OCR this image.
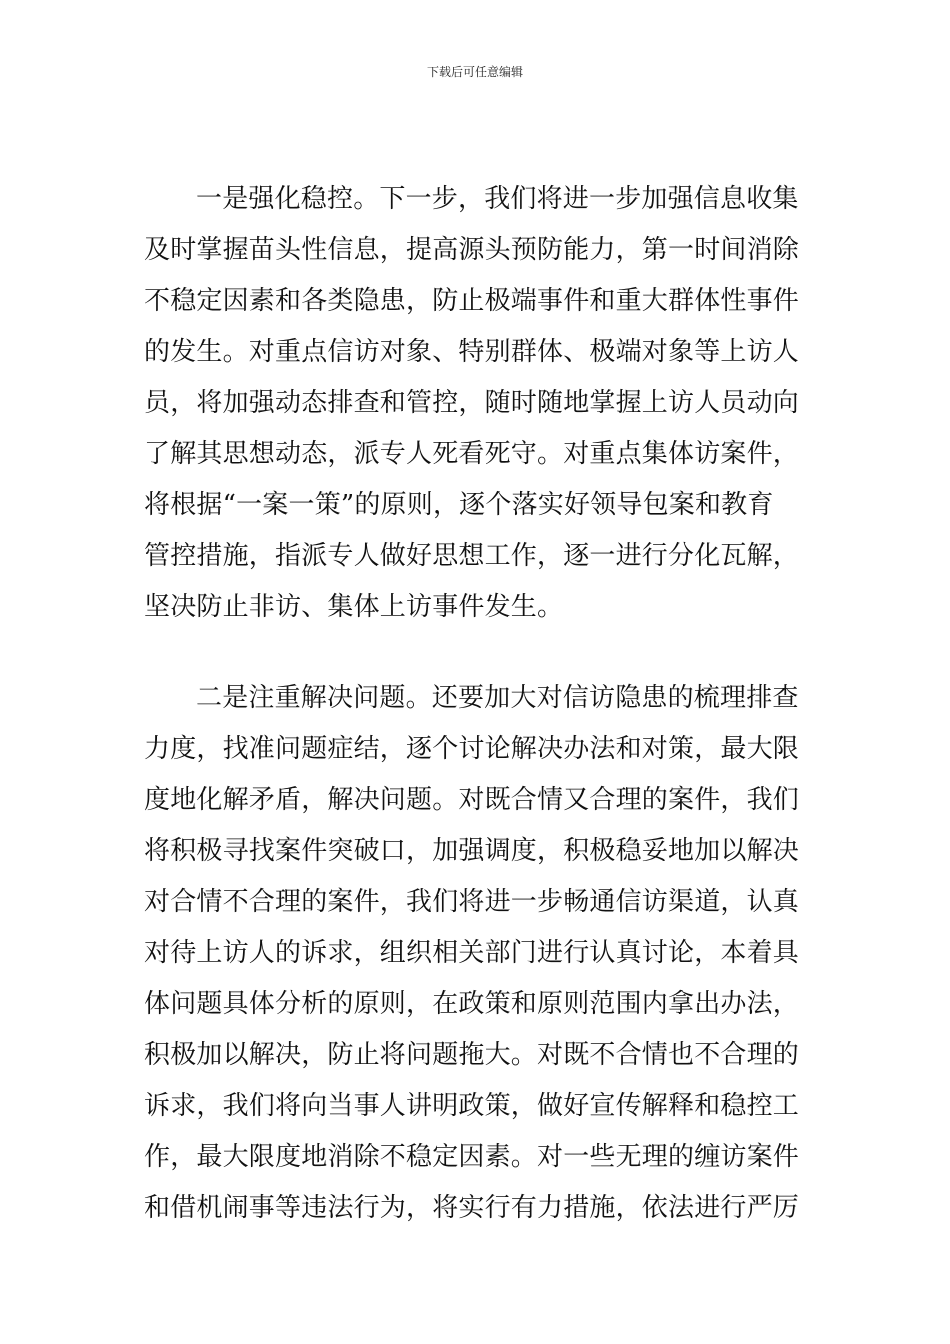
下载后可任意编辑
一是强化稳控。下一步，我们将进一步加强信息收集
及时掌握苗头性信息，提高源头预防能力，第一时间消除
不稳定因素和各类隐患，防止极端事件和重大群体性事件
的发生。对重点信访对象、特别群体、极端对象等上访人
员，将加强动态排查和管控，随时随地掌握上访人员动向
了解其思想动态，派专人死看死守。对重点集体访案件，
将根据“一案一策”的原则，逐个落实好领导包案和教育
管控措施，指派专人做好思想工作，逐一进行分化瓦解，
坚决防止非访、集体上访事件发生。
二是注重解决问题。还要加大对信访隐患的梳理排查
力度，找准问题症结，逐个讨论解决办法和对策，最大限
度地化解矛盾，解决问题。对既合情又合理的案件，我们
将积极寻找案件突破口，加强调度，积极稳妥地加以解决
对合情不合理的案件，我们将进一步畅通信访渠道，认真
对待上访人的诉求，组织相关部门进行认真讨论，本着具
体问题具体分析的原则，在政策和原则范围内拿出办法，
积极加以解决，防止将问题拖大。对既不合情也不合理的
诉求，我们将向当事人讲明政策，做好宣传解释和稳控工
作，最大限度地消除不稳定因素。对一些无理的缠访案件
和借机闹事等违法行为，将实行有力措施，依法进行严厉
